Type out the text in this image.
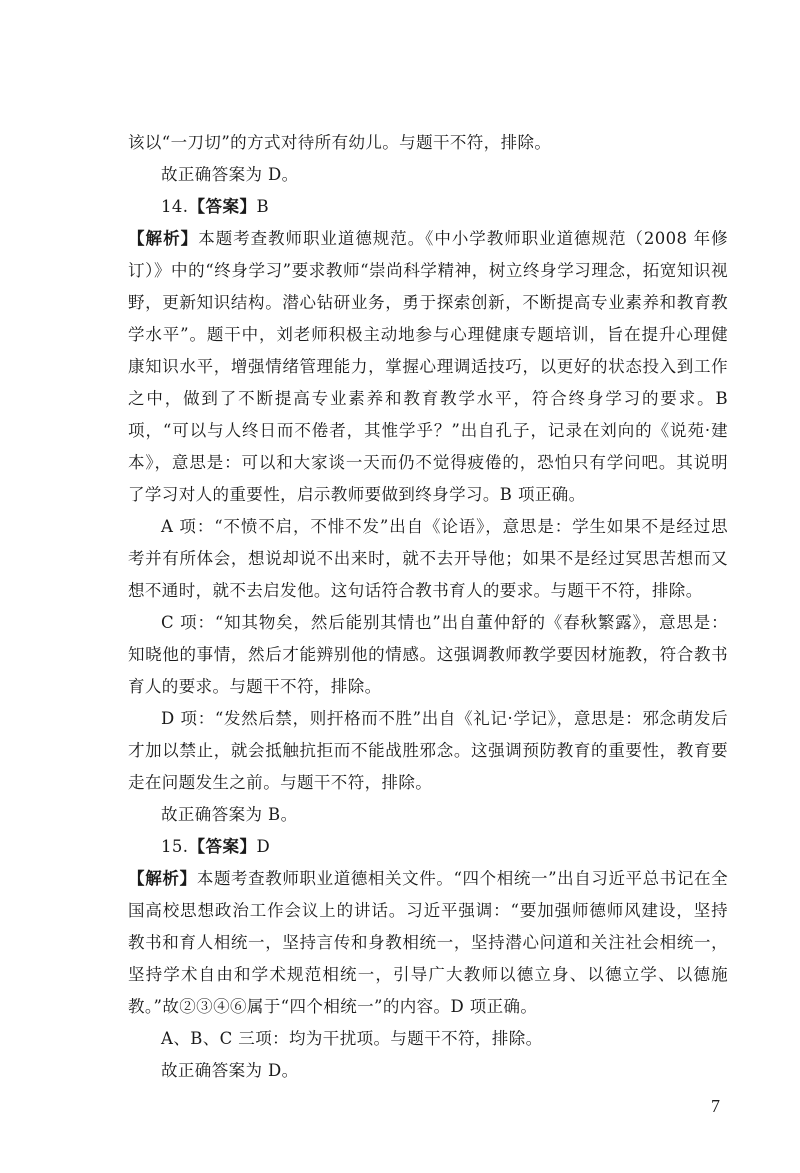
该以“一刀切”的方式对待所有幼儿。与题干不符，排除。

故正确答案为 D。

14.【答案】B

【解析】本题考查教师职业道德规范。《中小学教师职业道德规范（2008 年修订）》中的“终身学习”要求教师“崇尚科学精神，树立终身学习理念，拓宽知识视野，更新知识结构。潜心钻研业务，勇于探索创新，不断提高专业素养和教育教学水平”。题干中，刘老师积极主动地参与心理健康专题培训，旨在提升心理健康知识水平，增强情绪管理能力，掌握心理调适技巧，以更好的状态投入到工作之中，做到了不断提高专业素养和教育教学水平，符合终身学习的要求。B 项，“可以与人终日而不倦者，其惟学乎？”出自孔子，记录在刘向的《说苑·建本》，意思是：可以和大家谈一天而仍不觉得疲倦的，恐怕只有学问吧。其说明了学习对人的重要性，启示教师要做到终身学习。B 项正确。

A 项：“不愤不启，不悱不发”出自《论语》，意思是：学生如果不是经过思考并有所体会，想说却说不出来时，就不去开导他；如果不是经过冥思苦想而又想不通时，就不去启发他。这句话符合教书育人的要求。与题干不符，排除。

C 项：“知其物矣，然后能别其情也”出自董仲舒的《春秋繁露》，意思是：知晓他的事情，然后才能辨别他的情感。这强调教师教学要因材施教，符合教书育人的要求。与题干不符，排除。

D 项：“发然后禁，则扞格而不胜”出自《礼记·学记》，意思是：邪念萌发后才加以禁止，就会抵触抗拒而不能战胜邪念。这强调预防教育的重要性，教育要走在问题发生之前。与题干不符，排除。

故正确答案为 B。

15.【答案】D

【解析】本题考查教师职业道德相关文件。“四个相统一”出自习近平总书记在全国高校思想政治工作会议上的讲话。习近平强调：“要加强师德师风建设，坚持教书和育人相统一，坚持言传和身教相统一，坚持潜心问道和关注社会相统一，坚持学术自由和学术规范相统一，引导广大教师以德立身、以德立学、以德施教。”故②③④⑥属于“四个相统一”的内容。D 项正确。

A、B、C 三项：均为干扰项。与题干不符，排除。

故正确答案为 D。

7
